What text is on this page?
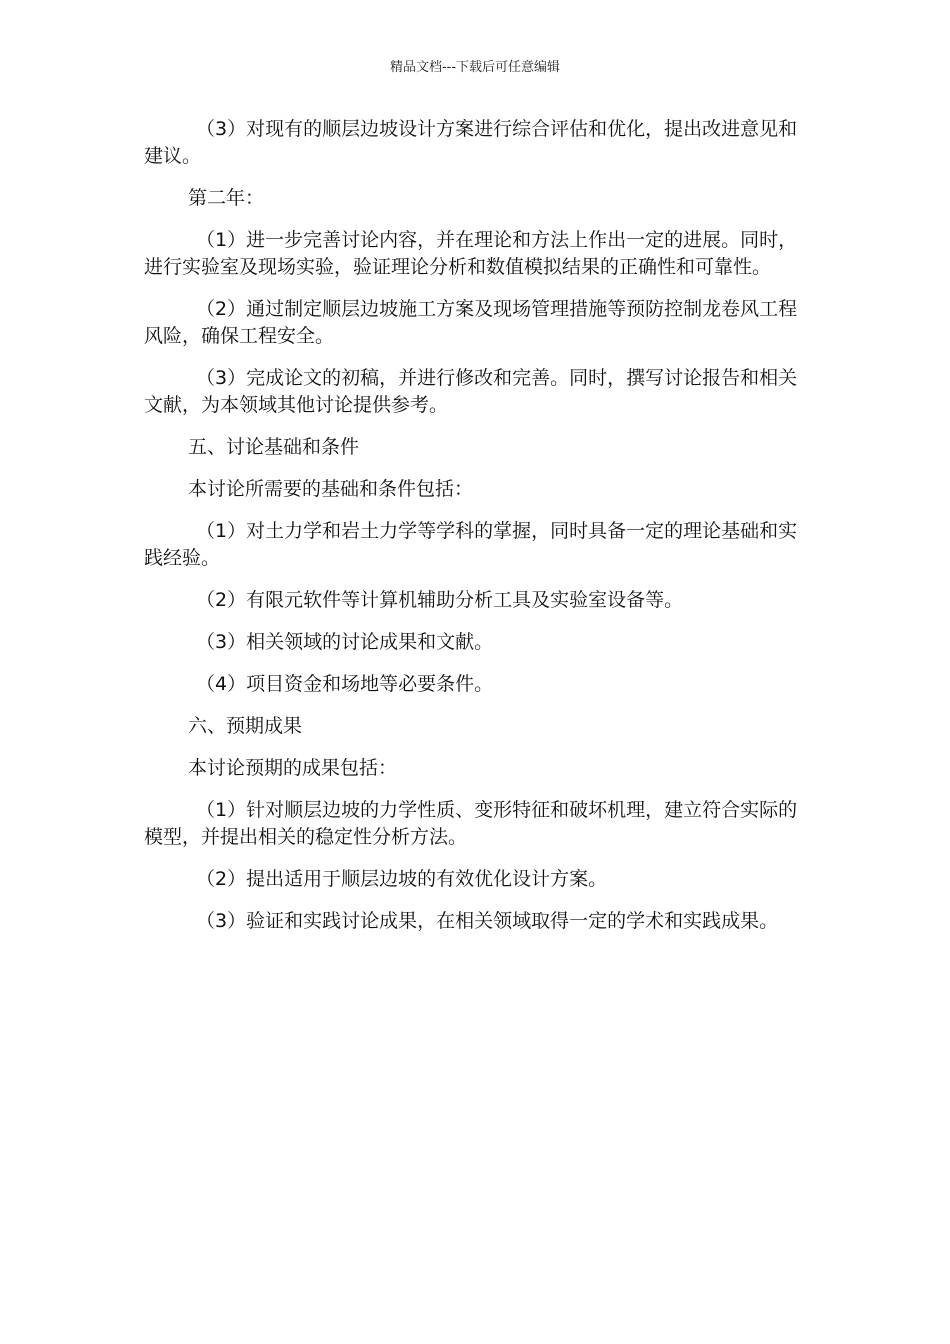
精品文档---下载后可任意编辑

（3）对现有的顺层边坡设计方案进行综合评估和优化，提出改进意见和建议。

第二年：

（1）进一步完善讨论内容，并在理论和方法上作出一定的进展。同时，进行实验室及现场实验，验证理论分析和数值模拟结果的正确性和可靠性。

（2）通过制定顺层边坡施工方案及现场管理措施等预防控制龙卷风工程风险，确保工程安全。

（3）完成论文的初稿，并进行修改和完善。同时，撰写讨论报告和相关文献，为本领域其他讨论提供参考。

五、讨论基础和条件

本讨论所需要的基础和条件包括：

（1）对土力学和岩土力学等学科的掌握，同时具备一定的理论基础和实践经验。

（2）有限元软件等计算机辅助分析工具及实验室设备等。

（3）相关领域的讨论成果和文献。

（4）项目资金和场地等必要条件。

六、预期成果

本讨论预期的成果包括：

（1）针对顺层边坡的力学性质、变形特征和破坏机理，建立符合实际的模型，并提出相关的稳定性分析方法。

（2）提出适用于顺层边坡的有效优化设计方案。

（3）验证和实践讨论成果，在相关领域取得一定的学术和实践成果。
